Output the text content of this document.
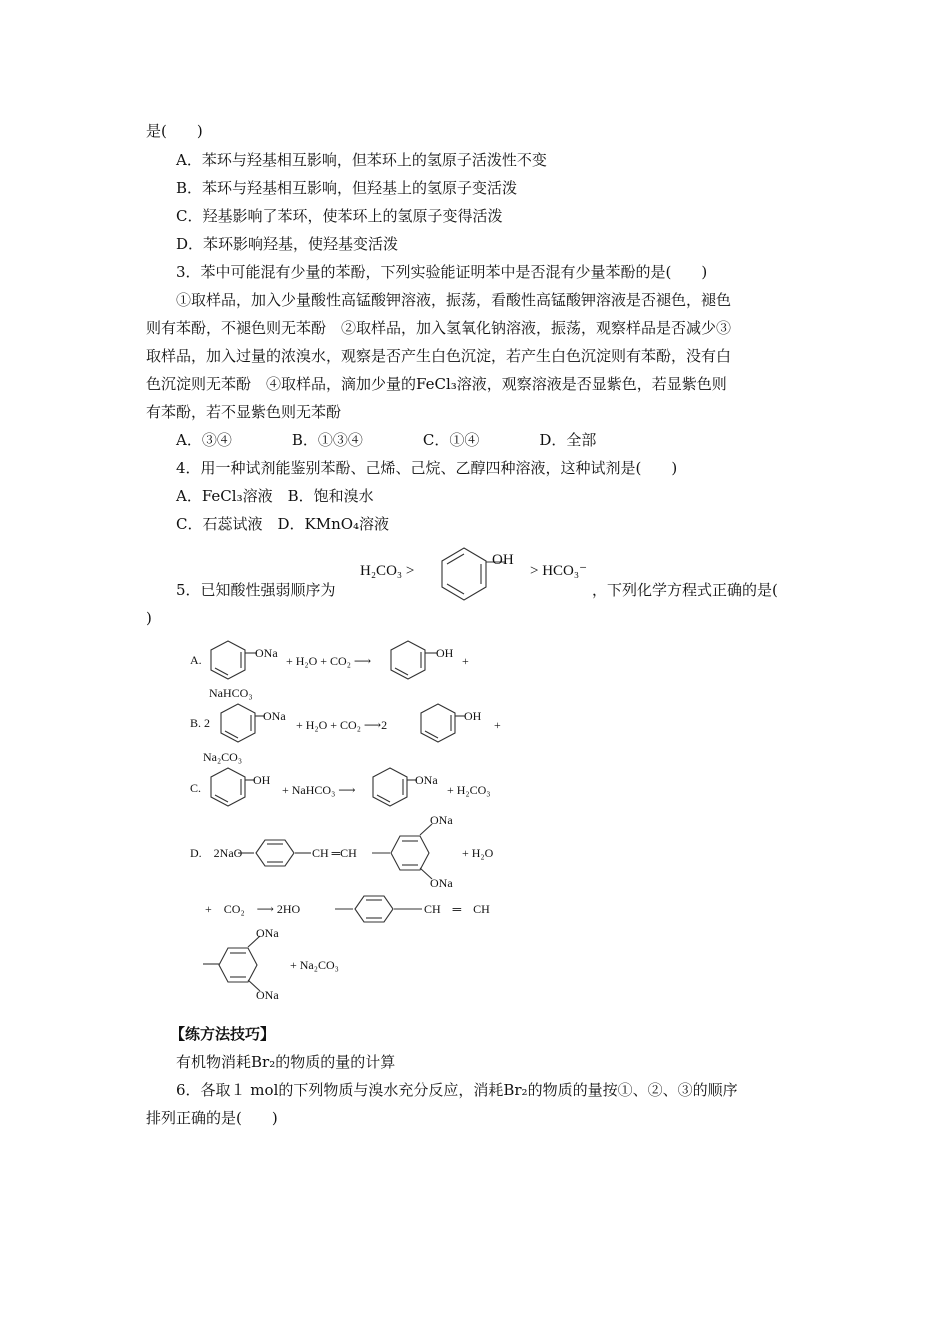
是(　　)
A．苯环与羟基相互影响，但苯环上的氢原子活泼性不变
B．苯环与羟基相互影响，但羟基上的氢原子变活泼
C．羟基影响了苯环，使苯环上的氢原子变得活泼
D．苯环影响羟基，使羟基变活泼
3．苯中可能混有少量的苯酚，下列实验能证明苯中是否混有少量苯酚的是(　　)
①取样品，加入少量酸性高锰酸钾溶液，振荡，看酸性高锰酸钾溶液是否褪色，褪色
则有苯酚，不褪色则无苯酚　②取样品，加入氢氧化钠溶液，振荡，观察样品是否减少③
取样品，加入过量的浓溴水，观察是否产生白色沉淀，若产生白色沉淀则有苯酚，没有白
色沉淀则无苯酚　④取样品，滴加少量的FeCl₃溶液，观察溶液是否显紫色，若显紫色则
有苯酚，若不显紫色则无苯酚
A．③④　　　　B．①③④　　　　C．①④　　　　D．全部
4．用一种试剂能鉴别苯酚、己烯、己烷、乙醇四种溶液，这种试剂是(　　)
A．FeCl₃溶液　B．饱和溴水
C．石蕊试液　D．KMnO₄溶液
5．已知酸性强弱顺序为
H₂CO₃ >
OH
> HCO₃⁻
，下列化学方程式正确的是(
)
A.	ONa
+ H₂O + CO₂ ⟶
OH
+
NaHCO₃
B. 2	ONa
+ H₂O + CO₂ ⟶2
OH
+
Na₂CO₃
C.
OH
+ NaHCO₃ ⟶
ONa
+ H₂CO₃
D.　2NaO	CH ═CH
ONa
ONa
+ H₂O
+　CO₂　⟶ 2HO	CH　═　CH
ONa
ONa
+ Na₂CO₃
【练方法技巧】
有机物消耗Br₂的物质的量的计算
6．各取１ mol的下列物质与溴水充分反应，消耗Br₂的物质的量按①、②、③的顺序
排列正确的是(　　)
